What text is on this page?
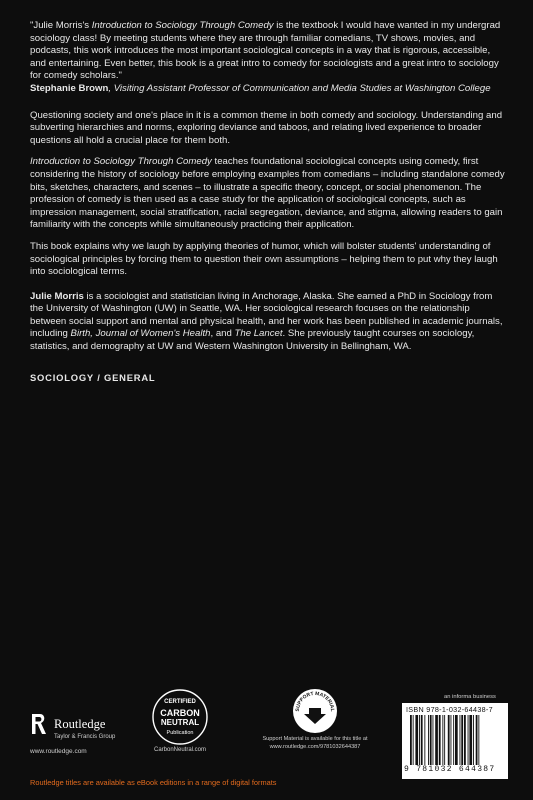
"Julie Morris's Introduction to Sociology Through Comedy is the textbook I would have wanted in my undergrad sociology class! By meeting students where they are through familiar comedians, TV shows, movies, and podcasts, this work introduces the most important sociological concepts in a way that is rigorous, accessible, and entertaining. Even better, this book is a great intro to comedy for sociologists and a great intro to sociology for comedy scholars."

Stephanie Brown, Visiting Assistant Professor of Communication and Media Studies at Washington College

Questioning society and one's place in it is a common theme in both comedy and sociology. Understanding and subverting hierarchies and norms, exploring deviance and taboos, and relating lived experience to broader questions all hold a crucial place for them both.

Introduction to Sociology Through Comedy teaches foundational sociological concepts using comedy, first considering the history of sociology before employing examples from comedians – including standalone comedy bits, sketches, characters, and scenes – to illustrate a specific theory, concept, or social phenomenon. The profession of comedy is then used as a case study for the application of sociological concepts, such as impression management, social stratification, racial segregation, deviance, and stigma, allowing readers to gain familiarity with the concepts while simultaneously practicing their application.

This book explains why we laugh by applying theories of humor, which will bolster students' understanding of sociological principles by forcing them to question their own assumptions – helping them to put why they laugh into sociological terms.

Julie Morris is a sociologist and statistician living in Anchorage, Alaska. She earned a PhD in Sociology from the University of Washington (UW) in Seattle, WA. Her sociological research focuses on the relationship between social support and mental and physical health, and her work has been published in academic journals, including Birth, Journal of Women's Health, and The Lancet. She previously taught courses on sociology, statistics, and demography at UW and Western Washington University in Bellingham, WA.

SOCIOLOGY / GENERAL

Routledge
Taylor & Francis Group
www.routledge.com
CERTIFIED
CARBON
NEUTRAL
Publication
CarbonNeutral.com
SUPPORT MATERIAL
Support Material is available for this title at
www.routledge.com/9781032644387
an informa business
ISBN 978-1-032-64438-7
9 781032 644387
Routledge titles are available as eBook editions in a range of digital formats
